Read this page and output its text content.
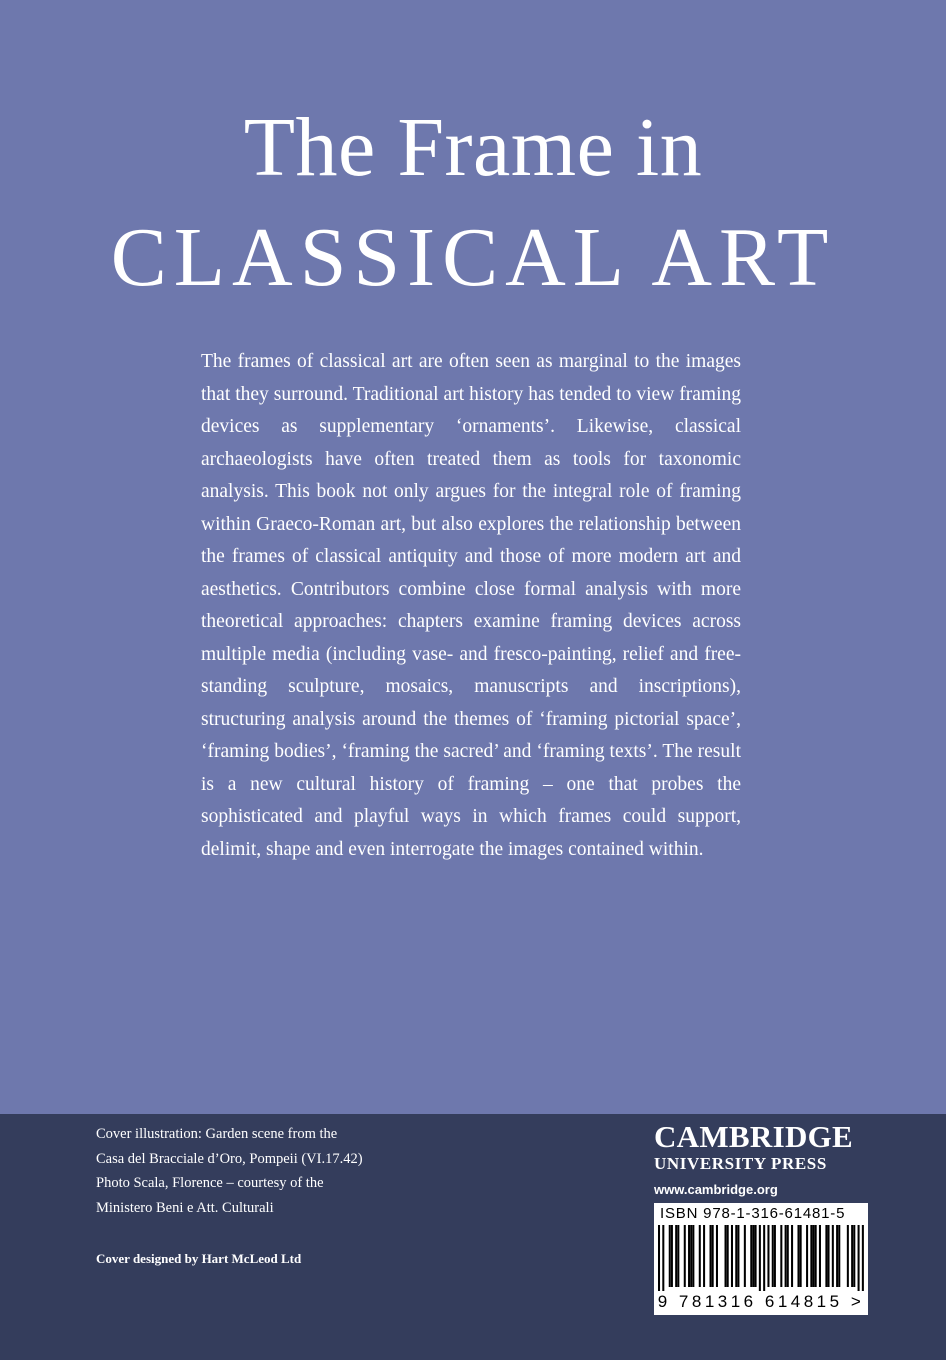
The Frame in
CLASSICAL ART
The frames of classical art are often seen as marginal to the images that they surround. Traditional art history has tended to view framing devices as supplementary ‘ornaments’. Likewise, classical archaeologists have often treated them as tools for taxonomic analysis. This book not only argues for the integral role of framing within Graeco-Roman art, but also explores the relationship between the frames of classical antiquity and those of more modern art and aesthetics. Contributors combine close formal analysis with more theoretical approaches: chapters examine framing devices across multiple media (including vase- and fresco-painting, relief and free-standing sculpture, mosaics, manuscripts and inscriptions), structuring analysis around the themes of ‘framing pictorial space’, ‘framing bodies’, ‘framing the sacred’ and ‘framing texts’. The result is a new cultural history of framing – one that probes the sophisticated and playful ways in which frames could support, delimit, shape and even interrogate the images contained within.
Cover illustration: Garden scene from the
Casa del Bracciale d’Oro, Pompeii (VI.17.42)
Photo Scala, Florence – courtesy of the
Ministero Beni e Att. Culturali
Cover designed by Hart McLeod Ltd
CAMBRIDGE
UNIVERSITY PRESS
www.cambridge.org
ISBN 978-1-316-61481-5
9 781316 614815 >
